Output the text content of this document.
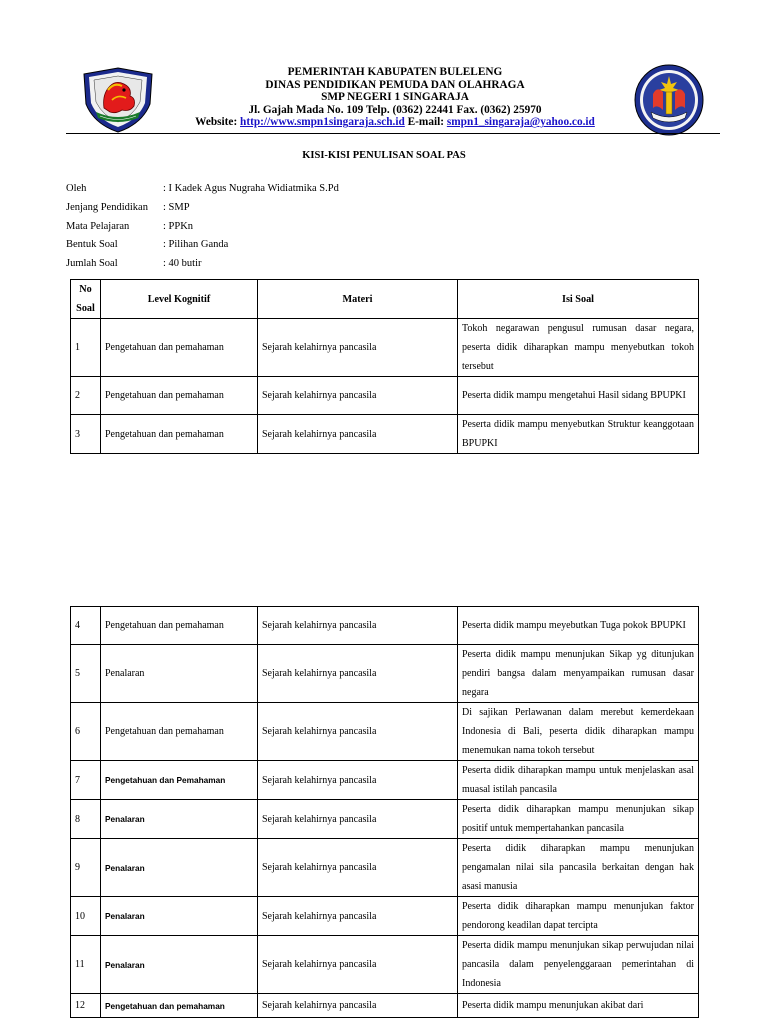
PEMERINTAH KABUPATEN BULELENG
DINAS PENDIDIKAN PEMUDA DAN OLAHRAGA
SMP NEGERI 1 SINGARAJA
Jl. Gajah Mada No. 109 Telp. (0362) 22441 Fax. (0362) 25970
Website: http://www.smpn1singaraja.sch.id E-mail: smpn1_singaraja@yahoo.co.id
KISI-KISI PENULISAN SOAL PAS
Oleh	: I Kadek Agus Nugraha Widiatmika S.Pd
Jenjang Pendidikan	: SMP
Mata Pelajaran	: PPKn
Bentuk Soal	: Pilihan Ganda
Jumlah Soal	: 40 butir
No
Soal	Level Kognitif	Materi	Isi Soal
1	Pengetahuan dan pemahaman	Sejarah kelahirnya pancasila	Tokoh negarawan pengusul rumusan dasar negara, peserta didik diharapkan mampu menyebutkan tokoh tersebut

2	Pengetahuan dan pemahaman	Sejarah kelahirnya pancasila	Peserta didik mampu mengetahui Hasil sidang BPUPKI

3	Pengetahuan dan pemahaman	Sejarah kelahirnya pancasila	Peserta didik mampu menyebutkan Struktur keanggotaan BPUPKI
4	Pengetahuan dan pemahaman	Sejarah kelahirnya pancasila	Peserta didik mampu meyebutkan Tuga pokok BPUPKI

5	Penalaran	Sejarah kelahirnya pancasila	Peserta didik mampu menunjukan Sikap yg ditunjukan pendiri bangsa dalam menyampaikan rumusan dasar negara

6	Pengetahuan dan pemahaman	Sejarah kelahirnya pancasila	Di sajikan Perlawanan dalam merebut kemerdekaan Indonesia di Bali, peserta didik diharapkan mampu menemukan nama tokoh tersebut

7	Pengetahuan dan Pemahaman	Sejarah kelahirnya pancasila	Peserta didik diharapkan mampu untuk menjelaskan asal muasal istilah pancasila

8	Penalaran	Sejarah kelahirnya pancasila	Peserta didik diharapkan mampu menunjukan sikap positif untuk mempertahankan pancasila

9	Penalaran	Sejarah kelahirnya pancasila	Peserta didik diharapkan mampu menunjukan pengamalan nilai sila pancasila berkaitan dengan hak asasi manusia

10	Penalaran	Sejarah kelahirnya pancasila	Peserta didik diharapkan mampu menunjukan faktor pendorong keadilan dapat tercipta

11	Penalaran	Sejarah kelahirnya pancasila	Peserta didik mampu menunjukan sikap perwujudan nilai pancasila dalam penyelenggaraan pemerintahan di Indonesia

12	Pengetahuan dan pemahaman	Sejarah kelahirnya pancasila	Peserta didik mampu menunjukan akibat dari
